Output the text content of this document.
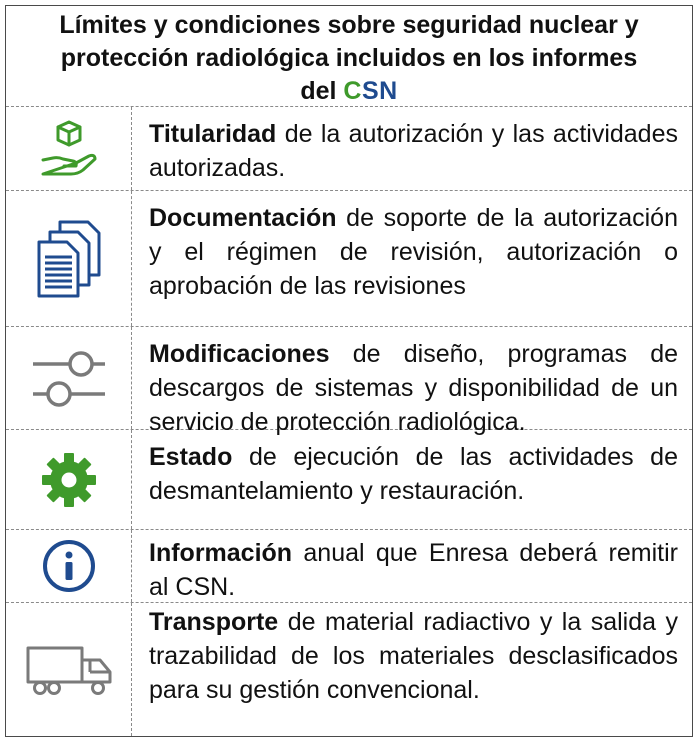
Límites y condiciones sobre seguridad nuclear y
protección radiológica incluidos en los informes
del CSN
Titularidad de la autorización y las actividades autorizadas.
Documentación de soporte de la autorización y el régimen de revisión, autorización o aprobación de las revisiones
Modificaciones de diseño, programas de descargos de sistemas y disponibilidad de un servicio de protección radiológica.
Estado de ejecución de las actividades de desmantelamiento y restauración.
Información anual que Enresa deberá remitir al CSN.
Transporte de material radiactivo y la salida y trazabilidad de los materiales desclasificados para su gestión convencional.
